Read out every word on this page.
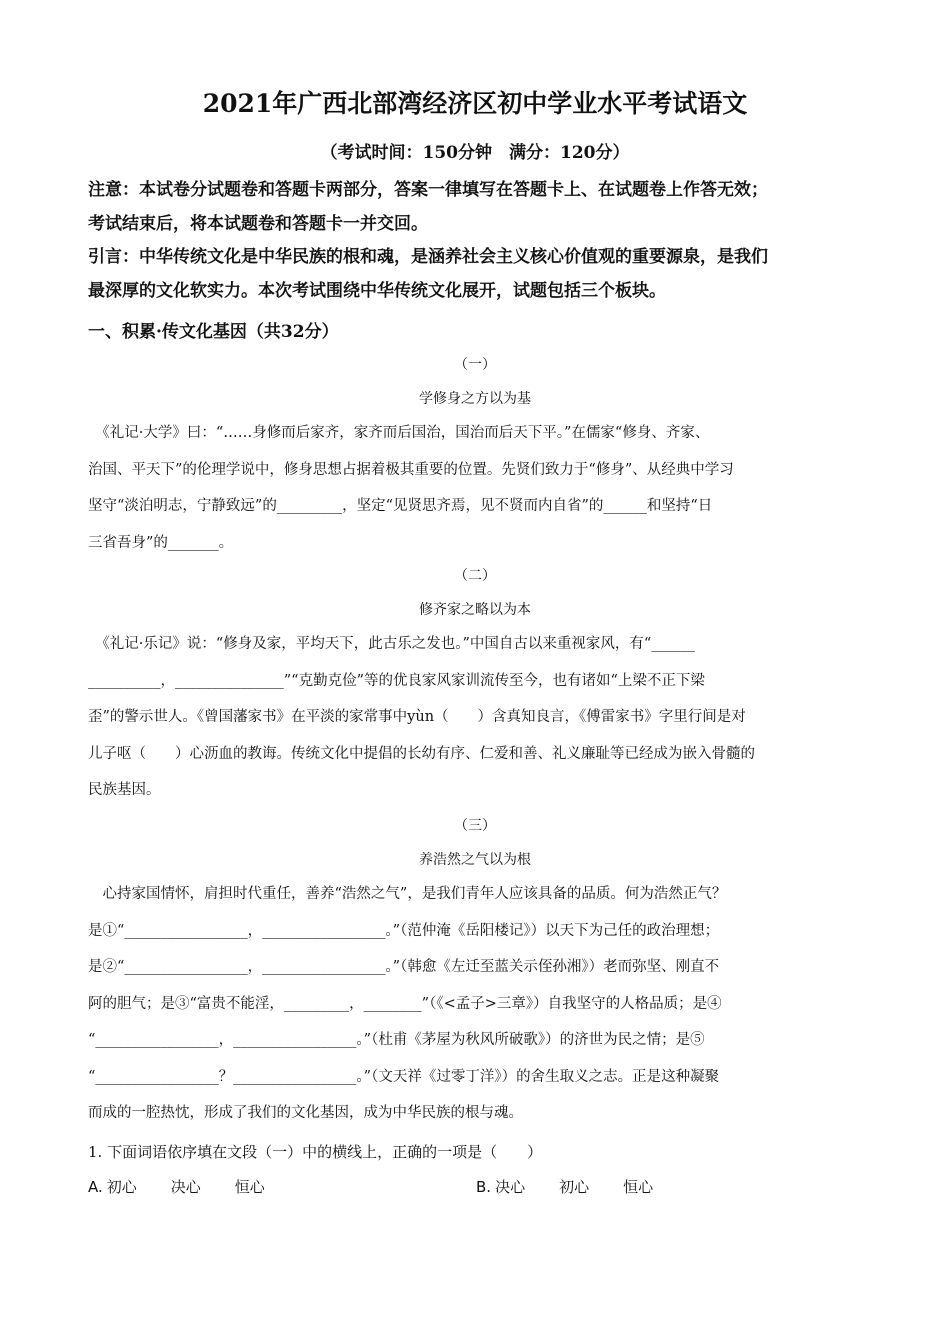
2021年广西北部湾经济区初中学业水平考试语文
（考试时间：150分钟　满分：120分）
注意：本试卷分试题卷和答题卡两部分，答案一律填写在答题卡上、在试题卷上作答无效；
考试结束后，将本试题卷和答题卡一并交回。
引言：中华传统文化是中华民族的根和魂，是涵养社会主义核心价值观的重要源泉，是我们
最深厚的文化软实力。本次考试围绕中华传统文化展开，试题包括三个板块。
一、积累·传文化基因（共32分）
（一）
学修身之方以为基
　《礼记·大学》曰：“……身修而后家齐，家齐而后国治，国治而后天下平。”在儒家“修身、齐家、
治国、平天下”的伦理学说中，修身思想占据着极其重要的位置。先贤们致力于“修身”、从经典中学习
坚守“淡泊明志，宁静致远”的_________，坚定“见贤思齐焉，见不贤而内自省”的______和坚持“日
三省吾身”的_______。
（二）
修齐家之略以为本
　《礼记·乐记》说：“修身及家，平均天下，此古乐之发也。”中国自古以来重视家风，有“______
__________，_______________”“克勤克俭”等的优良家风家训流传至今，也有诸如“上梁不正下梁
歪”的警示世人。《曾国藩家书》在平淡的家常事中yùn（　　）含真知良言，《傅雷家书》字里行间是对
儿子呕（　　）心沥血的教诲。传统文化中提倡的长幼有序、仁爱和善、礼义廉耻等已经成为嵌入骨髓的
民族基因。
（三）
养浩然之气以为根
　心持家国情怀，肩担时代重任，善养“浩然之气”，是我们青年人应该具备的品质。何为浩然正气？
是①“_________________，_________________。”（范仲淹《岳阳楼记》）以天下为己任的政治理想；
是②“_________________，_________________。”（韩愈《左迁至蓝关示侄孙湘》）老而弥坚、刚直不
阿的胆气；是③“富贵不能淫，_________，________”（《<孟子>三章》）自我坚守的人格品质；是④
“_________________，_________________。”（杜甫《茅屋为秋风所破歌》）的济世为民之情；是⑤
“_________________？_________________。”（文天祥《过零丁洋》）的舍生取义之志。正是这种凝聚
而成的一腔热忱，形成了我们的文化基因，成为中华民族的根与魂。
1. 下面词语依序填在文段（一）中的横线上，正确的一项是（　　）
A. 初心 决心 恒心	B. 决心 初心 恒心
